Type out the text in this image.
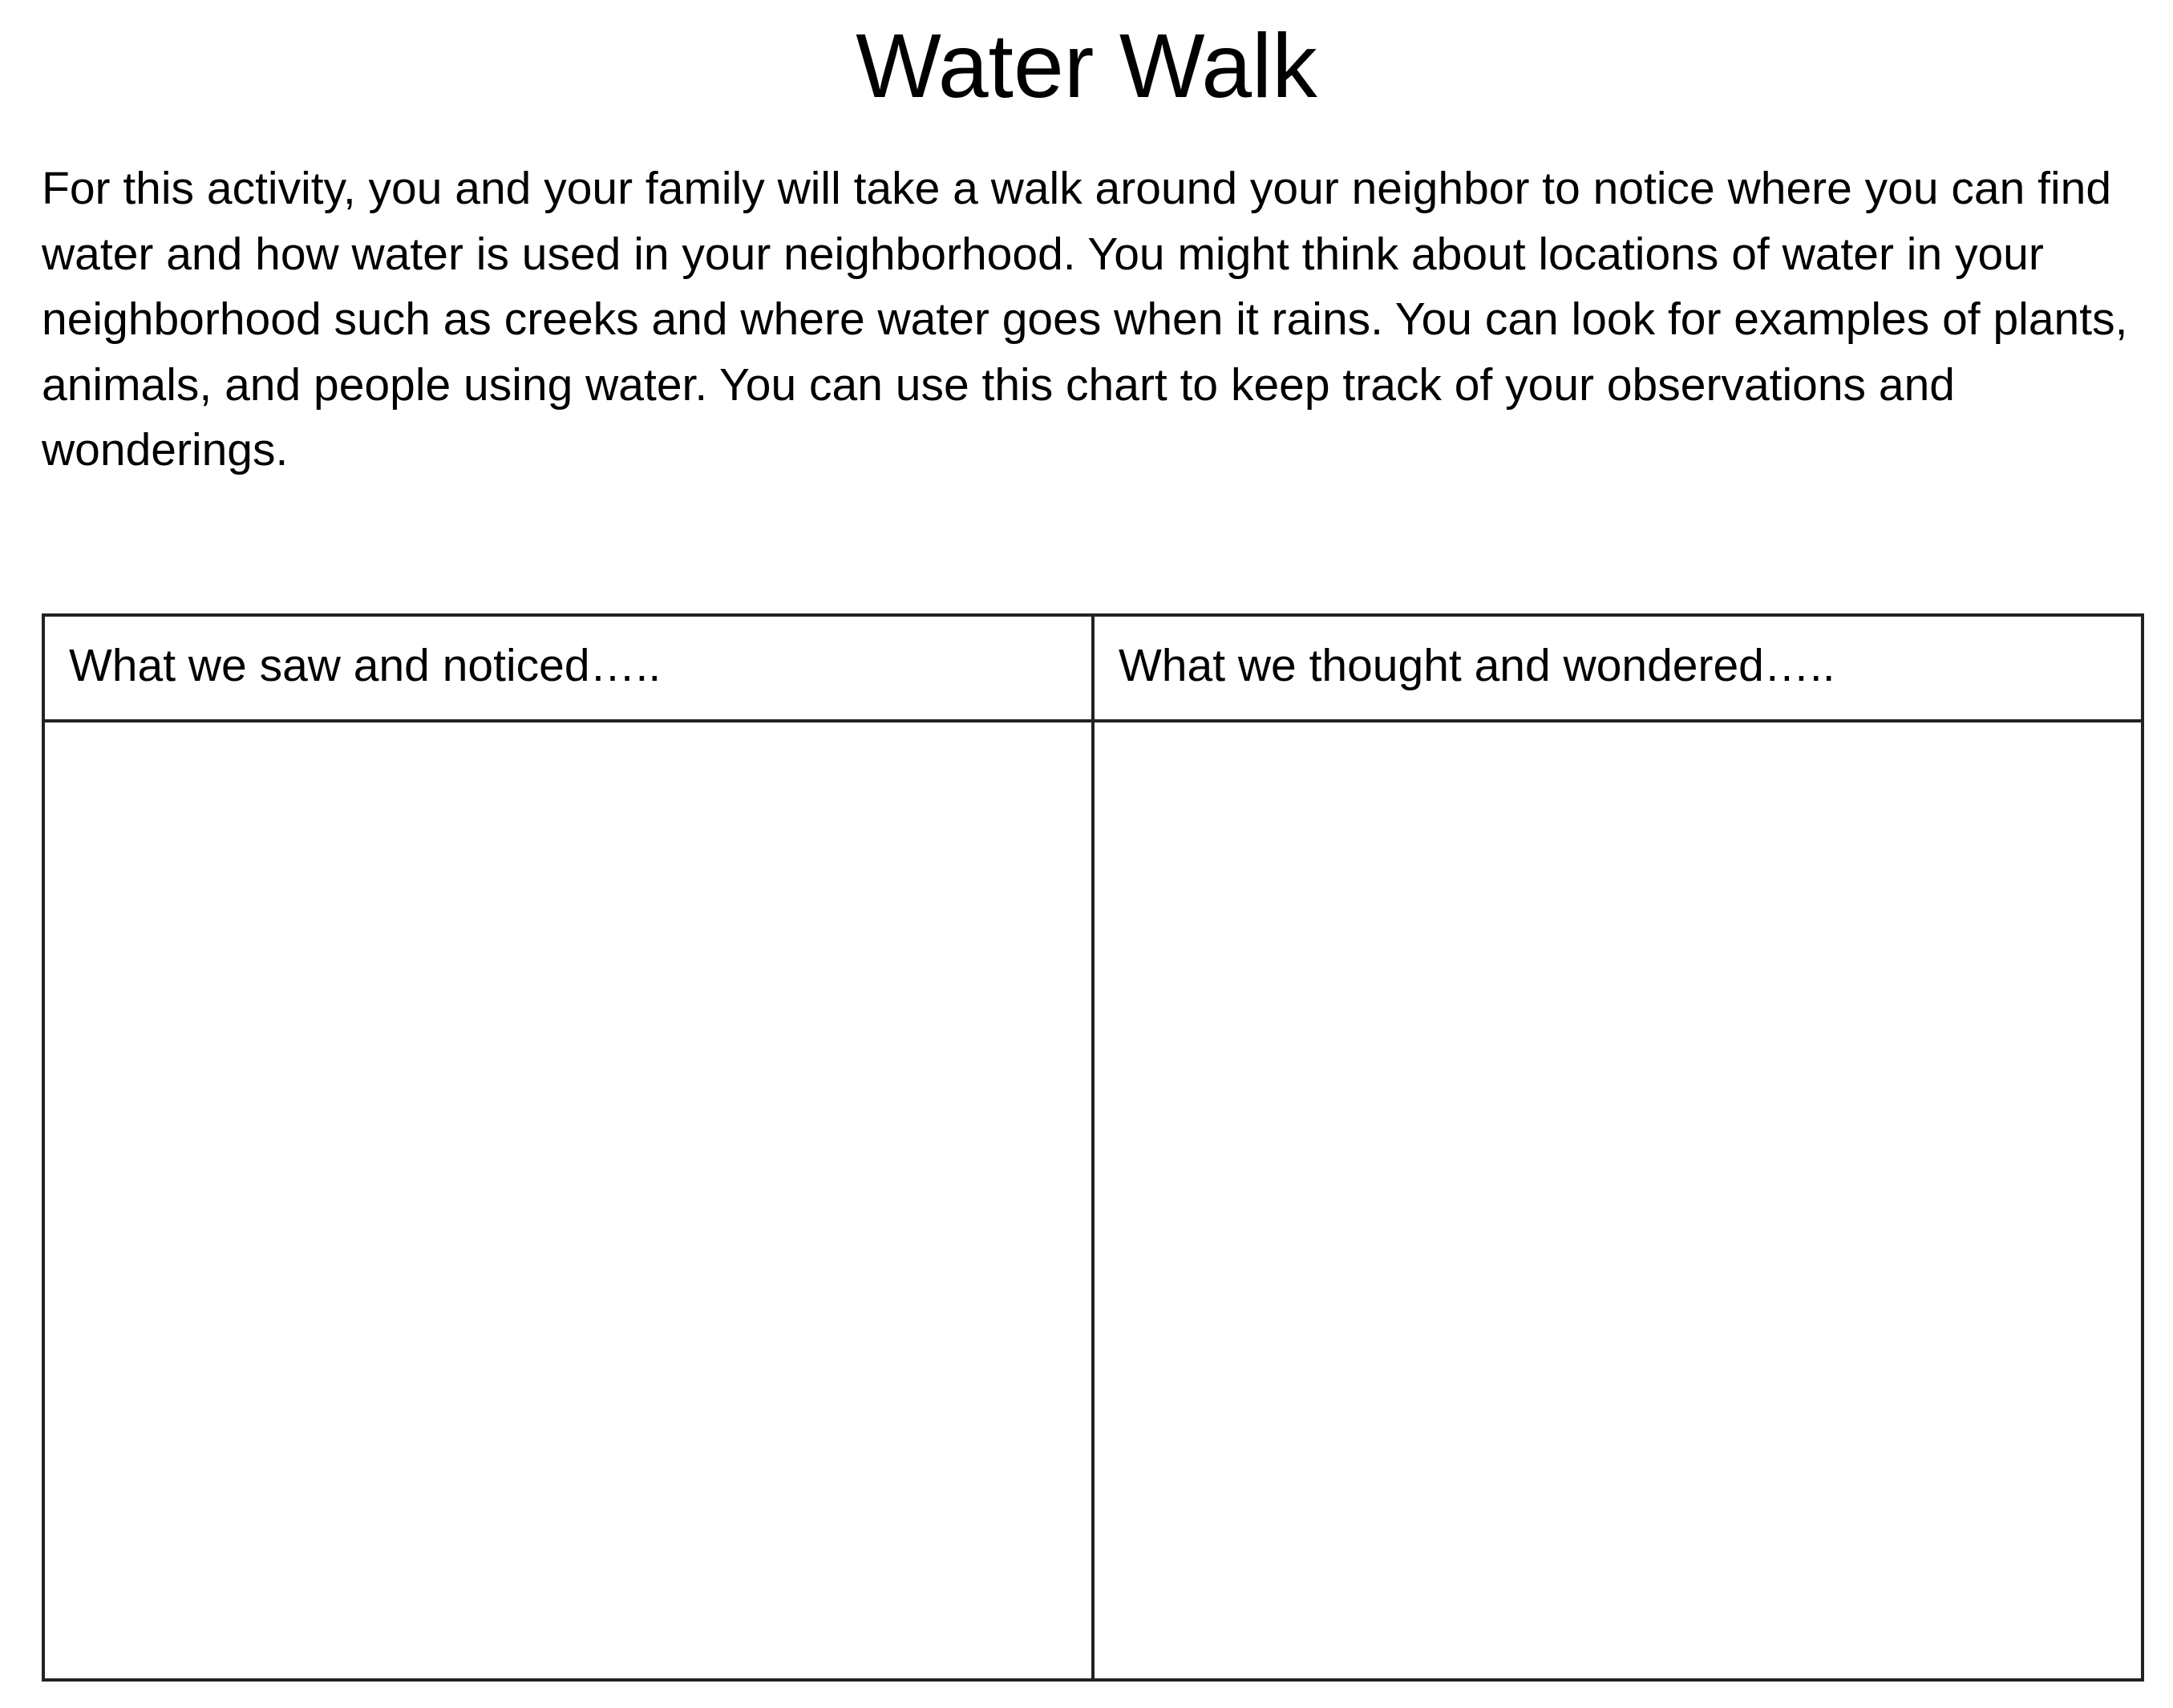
Water Walk

For this activity, you and your family will take a walk around your neighbor to notice where you can find water and how water is used in your neighborhood. You might think about locations of water in your neighborhood such as creeks and where water goes when it rains. You can look for examples of plants, animals, and people using water. You can use this chart to keep track of your observations and wonderings.

What we saw and noticed…..	What we thought and wondered…..
